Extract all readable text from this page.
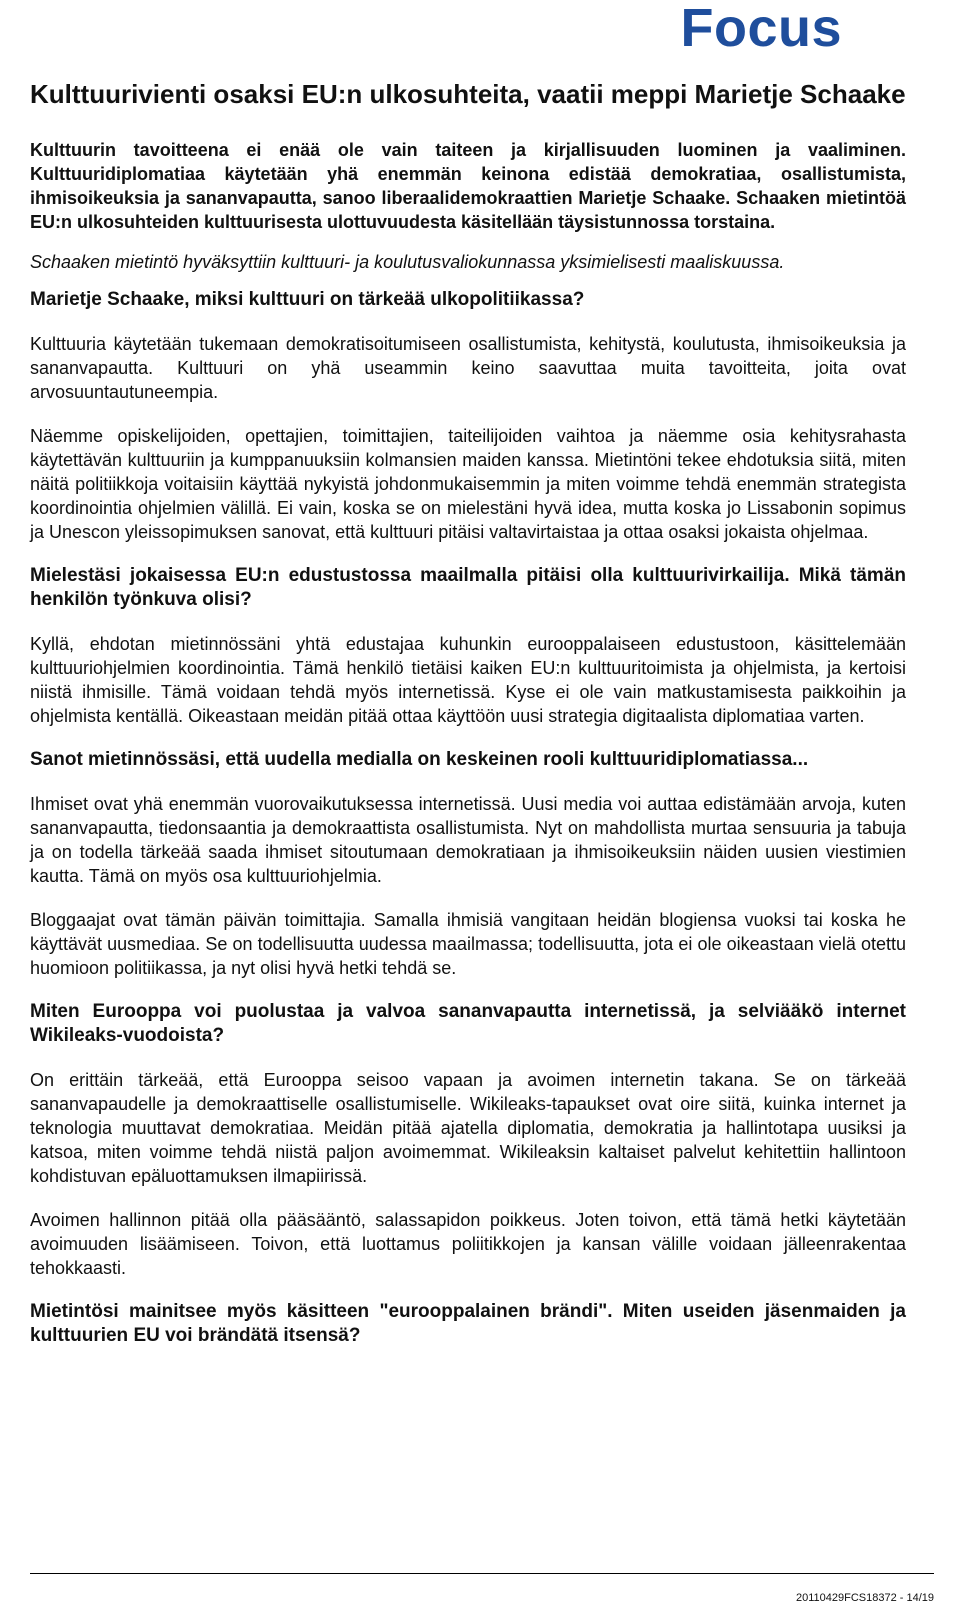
Focus
Kulttuurivienti osaksi EU:n ulkosuhteita, vaatii meppi Marietje Schaake

Kulttuurin tavoitteena ei enää ole vain taiteen ja kirjallisuuden luominen ja vaaliminen. Kulttuuridiplomatiaa käytetään yhä enemmän keinona edistää demokratiaa, osallistumista, ihmisoikeuksia ja sananvapautta, sanoo liberaalidemokraattien Marietje Schaake. Schaaken mietintöä EU:n ulkosuhteiden kulttuurisesta ulottuvuudesta käsitellään täysistunnossa torstaina.

Schaaken mietintö hyväksyttiin kulttuuri- ja koulutusvaliokunnassa yksimielisesti maaliskuussa.

Marietje Schaake, miksi kulttuuri on tärkeää ulkopolitiikassa?

Kulttuuria käytetään tukemaan demokratisoitumiseen osallistumista, kehitystä, koulutusta, ihmisoikeuksia ja sananvapautta. Kulttuuri on yhä useammin keino saavuttaa muita tavoitteita, joita ovat arvosuuntautuneempia.

Näemme opiskelijoiden, opettajien, toimittajien, taiteilijoiden vaihtoa ja näemme osia kehitysrahasta käytettävän kulttuuriin ja kumppanuuksiin kolmansien maiden kanssa. Mietintöni tekee ehdotuksia siitä, miten näitä politiikkoja voitaisiin käyttää nykyistä johdonmukaisemmin ja miten voimme tehdä enemmän strategista koordinointia ohjelmien välillä. Ei vain, koska se on mielestäni hyvä idea, mutta koska jo Lissabonin sopimus ja Unescon yleissopimuksen sanovat, että kulttuuri pitäisi valtavirtaistaa ja ottaa osaksi jokaista ohjelmaa.

Mielestäsi jokaisessa EU:n edustustossa maailmalla pitäisi olla kulttuurivirkailija. Mikä tämän henkilön työnkuva olisi?

Kyllä, ehdotan mietinnössäni yhtä edustajaa kuhunkin eurooppalaiseen edustustoon, käsittelemään kulttuuriohjelmien koordinointia. Tämä henkilö tietäisi kaiken EU:n kulttuuritoimista ja ohjelmista, ja kertoisi niistä ihmisille. Tämä voidaan tehdä myös internetissä. Kyse ei ole vain matkustamisesta paikkoihin ja ohjelmista kentällä. Oikeastaan meidän pitää ottaa käyttöön uusi strategia digitaalista diplomatiaa varten.

Sanot mietinnössäsi, että uudella medialla on keskeinen rooli kulttuuridiplomatiassa...

Ihmiset ovat yhä enemmän vuorovaikutuksessa internetissä. Uusi media voi auttaa edistämään arvoja, kuten sananvapautta, tiedonsaantia ja demokraattista osallistumista. Nyt on mahdollista murtaa sensuuria ja tabuja ja on todella tärkeää saada ihmiset sitoutumaan demokratiaan ja ihmisoikeuksiin näiden uusien viestimien kautta. Tämä on myös osa kulttuuriohjelmia.

Bloggaajat ovat tämän päivän toimittajia. Samalla ihmisiä vangitaan heidän blogiensa vuoksi tai koska he käyttävät uusmediaa. Se on todellisuutta uudessa maailmassa; todellisuutta, jota ei ole oikeastaan vielä otettu huomioon politiikassa, ja nyt olisi hyvä hetki tehdä se.

Miten Eurooppa voi puolustaa ja valvoa sananvapautta internetissä, ja selviääkö internet Wikileaks-vuodoista?

On erittäin tärkeää, että Eurooppa seisoo vapaan ja avoimen internetin takana. Se on tärkeää sananvapaudelle ja demokraattiselle osallistumiselle. Wikileaks-tapaukset ovat oire siitä, kuinka internet ja teknologia muuttavat demokratiaa. Meidän pitää ajatella diplomatia, demokratia ja hallintotapa uusiksi ja katsoa, miten voimme tehdä niistä paljon avoimemmat. Wikileaksin kaltaiset palvelut kehitettiin hallintoon kohdistuvan epäluottamuksen ilmapiirissä.

Avoimen hallinnon pitää olla pääsääntö, salassapidon poikkeus. Joten toivon, että tämä hetki käytetään avoimuuden lisäämiseen. Toivon, että luottamus poliitikkojen ja kansan välille voidaan jälleenrakentaa tehokkaasti.

Mietintösi mainitsee myös käsitteen "eurooppalainen brändi". Miten useiden jäsenmaiden ja kulttuurien EU voi brändätä itsensä?

20110429FCS18372 - 14/19
